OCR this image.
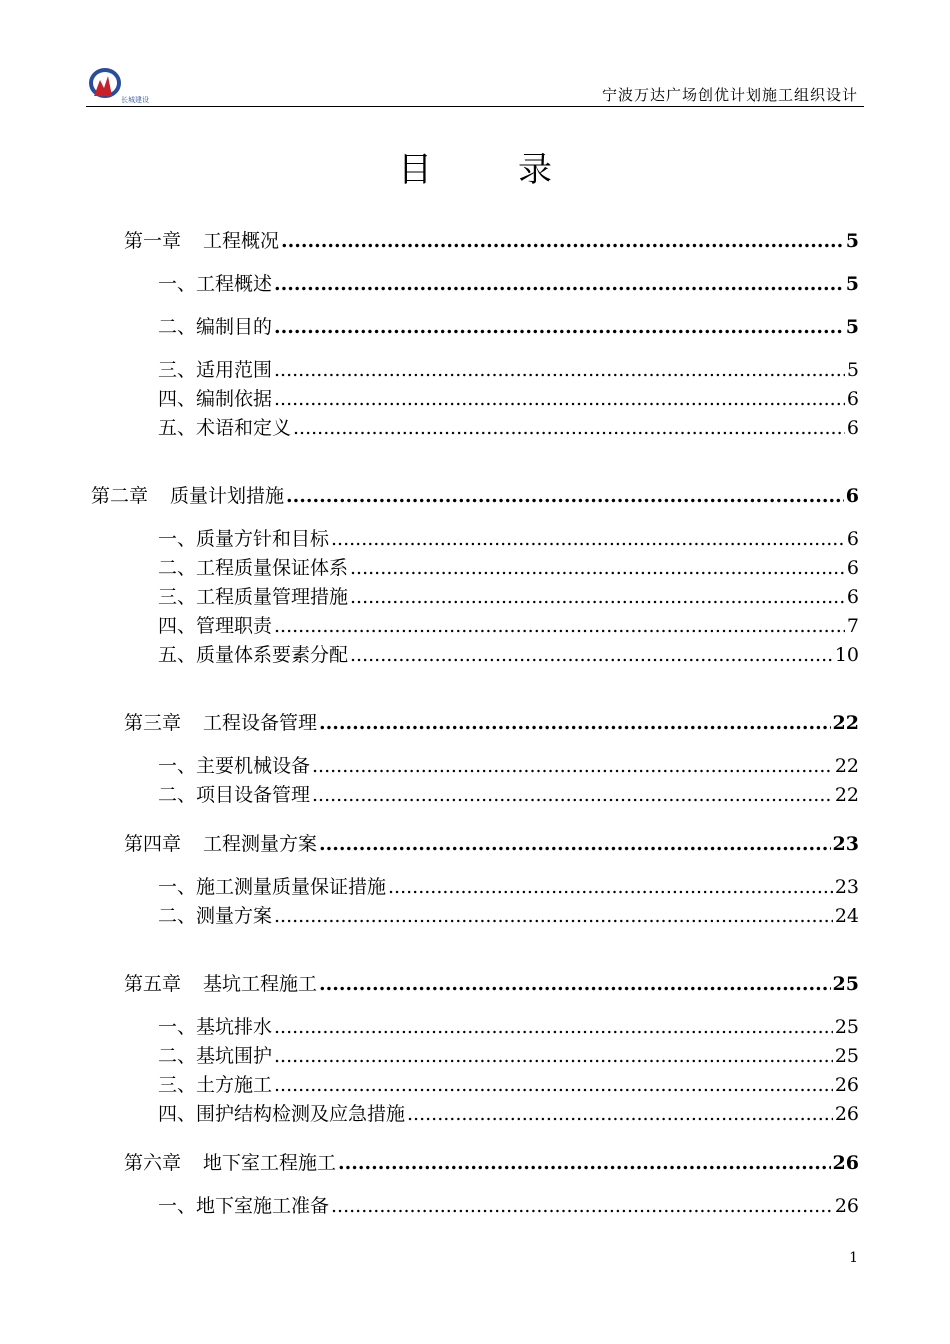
长城建设	宁波万达广场创优计划施工组织设计
目	录
第一章 工程概况 .....	5
一、工程概述 .....	5
二、编制目的 .....	5
三、适用范围 .....	5
四、编制依据 .....	6
五、术语和定义 .....	6
第二章 质量计划措施 .....	6
一、质量方针和目标 .....	6
二、工程质量保证体系 .....	6
三、工程质量管理措施 .....	6
四、管理职责 .....	7
五、质量体系要素分配 .....	10
第三章 工程设备管理 .....	22
一、主要机械设备 .....	22
二、项目设备管理 .....	22
第四章 工程测量方案 .....	23
一、施工测量质量保证措施 .....	23
二、测量方案 .....	24
第五章 基坑工程施工 .....	25
一、基坑排水 .....	25
二、基坑围护 .....	25
三、土方施工 .....	26
四、围护结构检测及应急措施 .....	26
第六章 地下室工程施工 .....	26
一、地下室施工准备 .....	26
1
